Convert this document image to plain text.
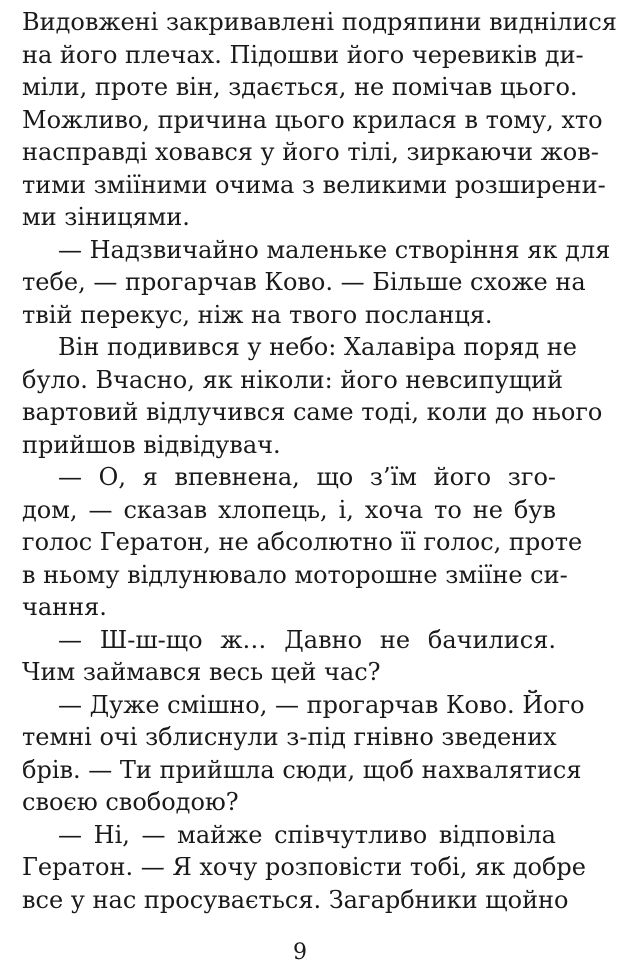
Видовжені закривавлені подряпини виднілися
на його плечах. Підошви його черевиків ди-
міли, проте він, здається, не помічав цього.
Можливо, причина цього крилася в тому, хто
насправді ховався у його тілі, зиркаючи жов-
тими зміїними очима з великими розширени-
ми зіницями.
— Надзвичайно маленьке створіння як для
тебе, — прогарчав Ково. — Більше схоже на
твій перекус, ніж на твого посланця.
Він подивився у небо: Халавіра поряд не
було. Вчасно, як ніколи: його невсипущий
вартовий відлучився саме тоді, коли до нього
прийшов відвідувач.
— О, я впевнена, що з’їм його зго-
дом, — сказав хлопець, і, хоча то не був
голос Гератон, не абсолютно її голос, проте
в ньому відлунювало моторошне зміїне си-
чання.
— Ш-ш-що ж… Давно не бачилися.
Чим займався весь цей час?
— Дуже смішно, — прогарчав Ково. Його
темні очі зблиснули з-під гнівно зведених
брів. — Ти прийшла сюди, щоб нахвалятися
своєю свободою?
— Ні, — майже співчутливо відповіла
Гератон. — Я хочу розповісти тобі, як добре
все у нас просувається. Загарбники щойно
9
